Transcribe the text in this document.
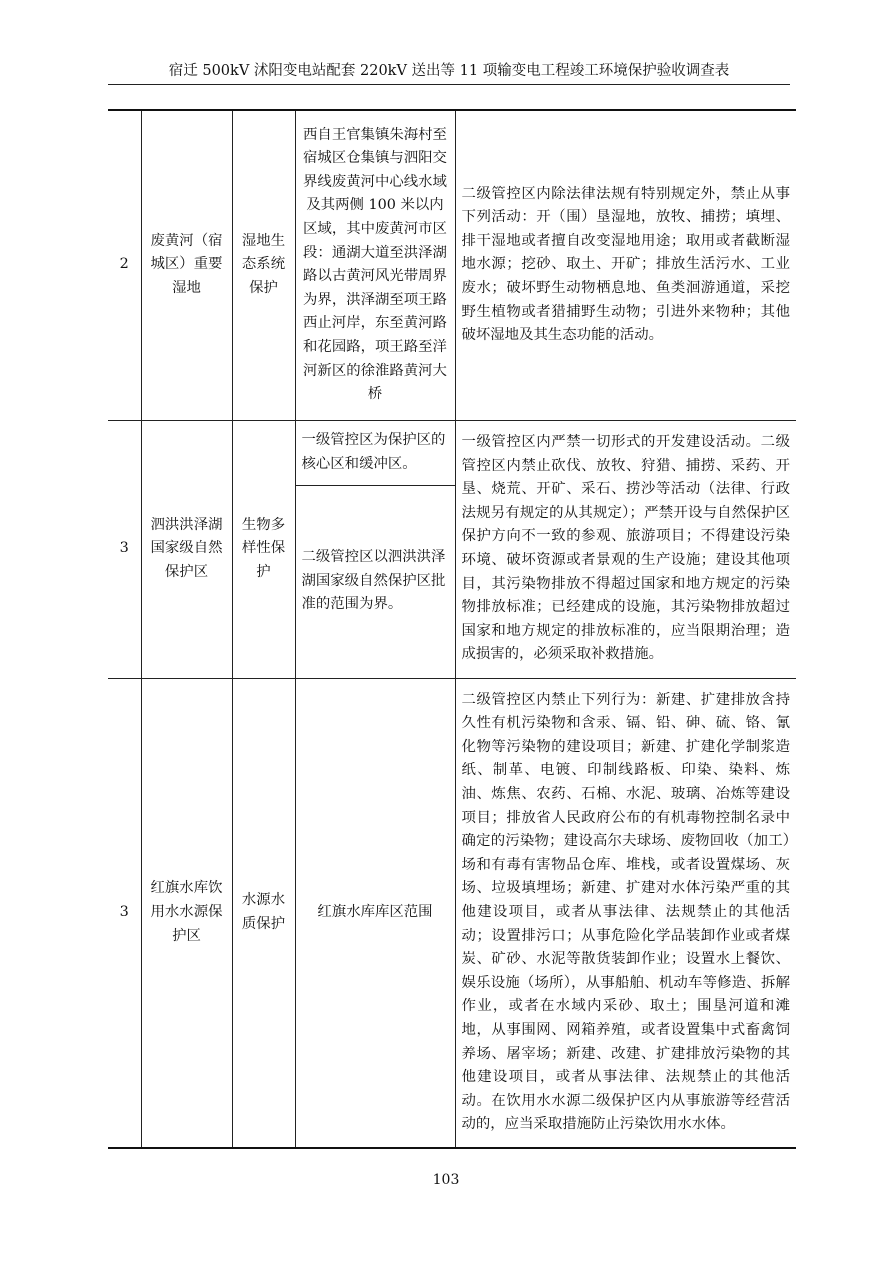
宿迁 500kV 沭阳变电站配套 220kV 送出等 11 项输变电工程竣工环境保护验收调查表
2	废黄河（宿城区）重要湿地	湿地生态系统保护	西自王官集镇朱海村至宿城区仓集镇与泗阳交界线废黄河中心线水域及其两侧 100 米以内区域，其中废黄河市区段：通湖大道至洪泽湖路以古黄河风光带周界为界，洪泽湖至项王路西止河岸，东至黄河路和花园路，项王路至洋河新区的徐淮路黄河大桥	二级管控区内除法律法规有特别规定外，禁止从事下列活动：开（围）垦湿地，放牧、捕捞；填埋、排干湿地或者擅自改变湿地用途；取用或者截断湿地水源；挖砂、取土、开矿；排放生活污水、工业废水；破坏野生动物栖息地、鱼类洄游通道，采挖野生植物或者猎捕野生动物；引进外来物种；其他破坏湿地及其生态功能的活动。
3	泗洪洪泽湖国家级自然保护区	生物多样性保护	一级管控区为保护区的核心区和缓冲区。	一级管控区内严禁一切形式的开发建设活动。二级管控区内禁止砍伐、放牧、狩猎、捕捞、采药、开垦、烧荒、开矿、采石、捞沙等活动（法律、行政法规另有规定的从其规定）；严禁开设与自然保护区保护方向不一致的参观、旅游项目；不得建设污染环境、破坏资源或者景观的生产设施；建设其他项目，其污染物排放不得超过国家和地方规定的污染物排放标准；已经建成的设施，其污染物排放超过国家和地方规定的排放标准的，应当限期治理；造成损害的，必须采取补救措施。
			二级管控区以泗洪洪泽湖国家级自然保护区批准的范围为界。	
3	红旗水库饮用水水源保护区	水源水质保护	红旗水库库区范围	二级管控区内禁止下列行为：新建、扩建排放含持久性有机污染物和含汞、镉、铅、砷、硫、铬、氰化物等污染物的建设项目；新建、扩建化学制浆造纸、制革、电镀、印制线路板、印染、染料、炼油、炼焦、农药、石棉、水泥、玻璃、冶炼等建设项目；排放省人民政府公布的有机毒物控制名录中确定的污染物；建设高尔夫球场、废物回收（加工）场和有毒有害物品仓库、堆栈，或者设置煤场、灰场、垃圾填埋场；新建、扩建对水体污染严重的其他建设项目，或者从事法律、法规禁止的其他活动；设置排污口；从事危险化学品装卸作业或者煤炭、矿砂、水泥等散货装卸作业；设置水上餐饮、娱乐设施（场所），从事船舶、机动车等修造、拆解作业，或者在水域内采砂、取土；围垦河道和滩地，从事围网、网箱养殖，或者设置集中式畜禽饲养场、屠宰场；新建、改建、扩建排放污染物的其他建设项目，或者从事法律、法规禁止的其他活动。在饮用水水源二级保护区内从事旅游等经营活动的，应当采取措施防止污染饮用水水体。
103
